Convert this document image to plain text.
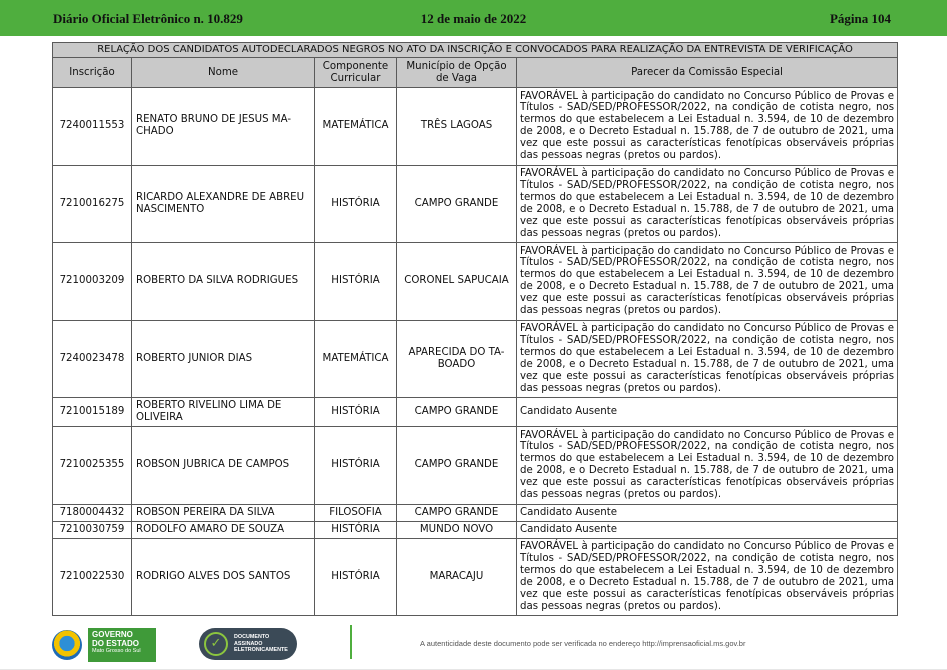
Diário Oficial Eletrônico n. 10.829	12 de maio de 2022	Página 104
RELAÇÃO DOS CANDIDATOS AUTODECLARADOS NEGROS NO ATO DA INSCRIÇÃO E CONVOCADOS PARA REALIZAÇÃO DA ENTREVISTA DE VERIFICAÇÃO				
Inscrição	Nome	Componente Curricular	Município de Opção de Vaga	Parecer da Comissão Especial
7240011553	RENATO BRUNO DE JESUS MA-CHADO	MATEMÁTICA	TRÊS LAGOAS	FAVORÁVEL à participação do candidato no Concurso Público de Provas e Títulos - SAD/SED/PROFESSOR/2022, na condição de cotista negro, nos termos do que estabelecem a Lei Estadual n. 3.594, de 10 de dezembro de 2008, e o Decreto Estadual n. 15.788, de 7 de outubro de 2021, uma vez que este possui as características fenotípicas observáveis próprias das pessoas negras (pretos ou pardos).
7210016275	RICARDO ALEXANDRE DE ABREU NASCIMENTO	HISTÓRIA	CAMPO GRANDE	FAVORÁVEL à participação do candidato no Concurso Público de Provas e Títulos - SAD/SED/PROFESSOR/2022, na condição de cotista negro, nos termos do que estabelecem a Lei Estadual n. 3.594, de 10 de dezembro de 2008, e o Decreto Estadual n. 15.788, de 7 de outubro de 2021, uma vez que este possui as características fenotípicas observáveis próprias das pessoas negras (pretos ou pardos).
7210003209	ROBERTO DA SILVA RODRIGUES	HISTÓRIA	CORONEL SAPUCAIA	FAVORÁVEL à participação do candidato no Concurso Público de Provas e Títulos - SAD/SED/PROFESSOR/2022, na condição de cotista negro, nos termos do que estabelecem a Lei Estadual n. 3.594, de 10 de dezembro de 2008, e o Decreto Estadual n. 15.788, de 7 de outubro de 2021, uma vez que este possui as características fenotípicas observáveis próprias das pessoas negras (pretos ou pardos).
7240023478	ROBERTO JUNIOR DIAS	MATEMÁTICA	APARECIDA DO TA-BOADO	FAVORÁVEL à participação do candidato no Concurso Público de Provas e Títulos - SAD/SED/PROFESSOR/2022, na condição de cotista negro, nos termos do que estabelecem a Lei Estadual n. 3.594, de 10 de dezembro de 2008, e o Decreto Estadual n. 15.788, de 7 de outubro de 2021, uma vez que este possui as características fenotípicas observáveis próprias das pessoas negras (pretos ou pardos).
7210015189	ROBERTO RIVELINO LIMA DE OLIVEIRA	HISTÓRIA	CAMPO GRANDE	Candidato Ausente
7210025355	ROBSON JUBRICA DE CAMPOS	HISTÓRIA	CAMPO GRANDE	FAVORÁVEL à participação do candidato no Concurso Público de Provas e Títulos - SAD/SED/PROFESSOR/2022, na condição de cotista negro, nos termos do que estabelecem a Lei Estadual n. 3.594, de 10 de dezembro de 2008, e o Decreto Estadual n. 15.788, de 7 de outubro de 2021, uma vez que este possui as características fenotípicas observáveis próprias das pessoas negras (pretos ou pardos).
7180004432	ROBSON PEREIRA DA SILVA	FILOSOFIA	CAMPO GRANDE	Candidato Ausente
7210030759	RODOLFO AMARO DE SOUZA	HISTÓRIA	MUNDO NOVO	Candidato Ausente
7210022530	RODRIGO ALVES DOS SANTOS	HISTÓRIA	MARACAJU	FAVORÁVEL à participação do candidato no Concurso Público de Provas e Títulos - SAD/SED/PROFESSOR/2022, na condição de cotista negro, nos termos do que estabelecem a Lei Estadual n. 3.594, de 10 de dezembro de 2008, e o Decreto Estadual n. 15.788, de 7 de outubro de 2021, uma vez que este possui as características fenotípicas observáveis próprias das pessoas negras (pretos ou pardos).
GOVERNO
DO ESTADO
Mato Grosso do Sul	✓	DOCUMENTO
ASSINADO
ELETRONICAMENTE
A autenticidade deste documento pode ser verificada no endereço http://imprensaoficial.ms.gov.br
